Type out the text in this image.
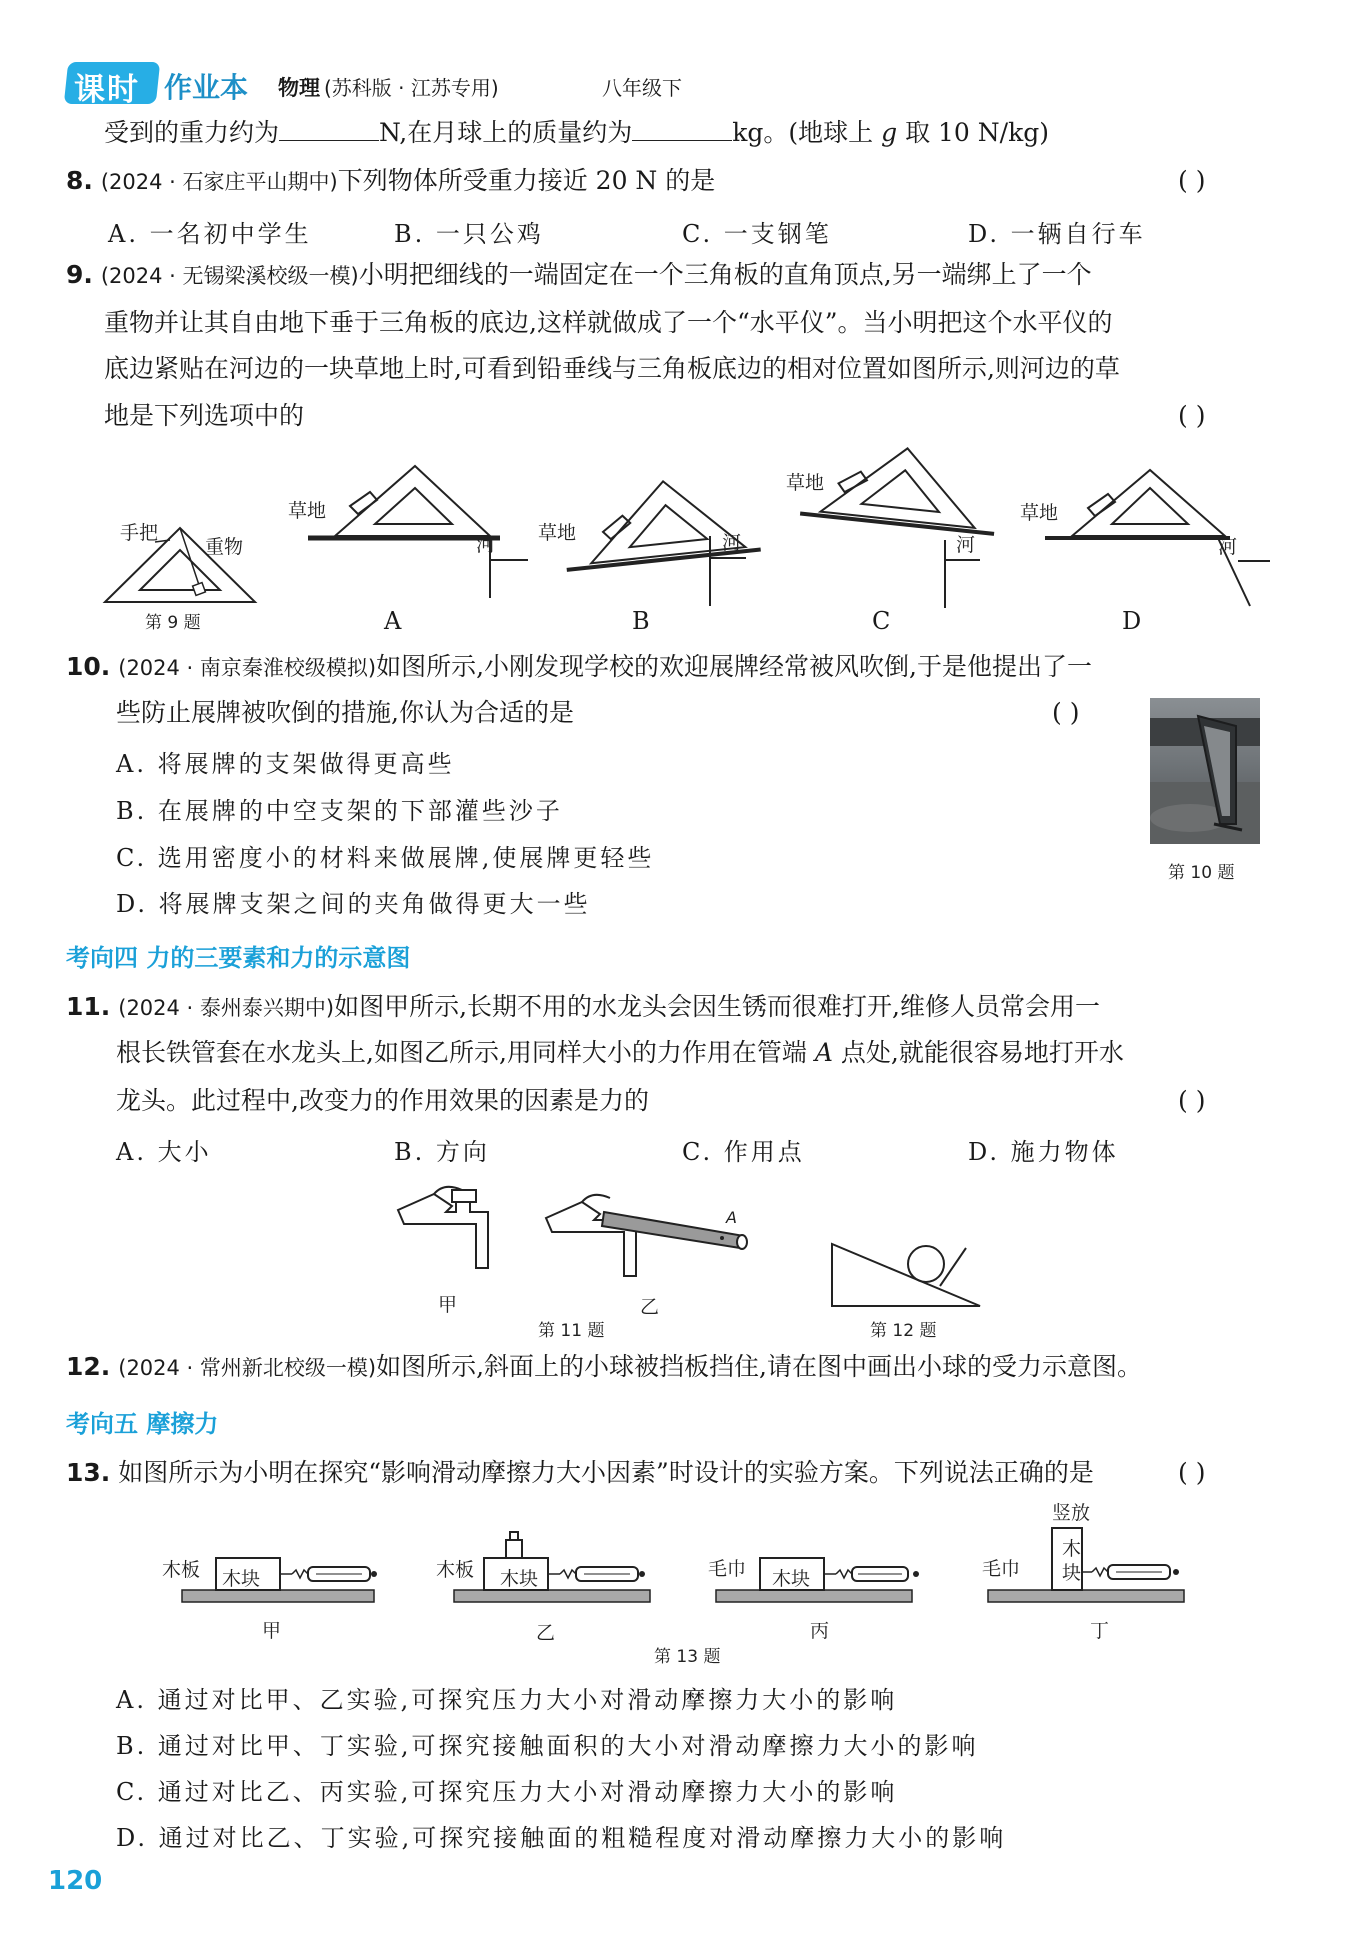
课时 作业本 物理 (苏科版 · 江苏专用)	八年级下
受到的重力约为	N,在月球上的质量约为	kg。(地球上 g 取 10 N/kg)
8. (2024 · 石家庄平山期中)下列物体所受重力接近 20 N 的是	( )
A. 一名初中学生	B. 一只公鸡	C. 一支钢笔	D. 一辆自行车
9. (2024 · 无锡梁溪校级一模)小明把细线的一端固定在一个三角板的直角顶点,另一端绑上了一个
重物并让其自由地下垂于三角板的底边,这样就做成了一个“水平仪”。当小明把这个水平仪的
底边紧贴在河边的一块草地上时,可看到铅垂线与三角板底边的相对位置如图所示,则河边的草
地是下列选项中的	( )
手把
重物
第 9 题
草地
河
A
草地	河
B
草地
河
C
草地
河
D
10. (2024 · 南京秦淮校级模拟)如图所示,小刚发现学校的欢迎展牌经常被风吹倒,于是他提出了一
些防止展牌被吹倒的措施,你认为合适的是	( )
A. 将展牌的支架做得更高些
B. 在展牌的中空支架的下部灌些沙子
C. 选用密度小的材料来做展牌,使展牌更轻些
D. 将展牌支架之间的夹角做得更大一些
第 10 题
考向四 力的三要素和力的示意图
11. (2024 · 泰州泰兴期中)如图甲所示,长期不用的水龙头会因生锈而很难打开,维修人员常会用一
根长铁管套在水龙头上,如图乙所示,用同样大小的力作用在管端 A 点处,就能很容易地打开水
龙头。此过程中,改变力的作用效果的因素是力的	( )
A. 大小	B. 方向	C. 作用点	D. 施力物体
甲
A
乙
第 11 题	第 12 题
12. (2024 · 常州新北校级一模)如图所示,斜面上的小球被挡板挡住,请在图中画出小球的受力示意图。
考向五 摩擦力
13. 如图所示为小明在探究“影响滑动摩擦力大小因素”时设计的实验方案。下列说法正确的是	( )
木板 木块
甲
木板 木块
乙
毛巾 木块
丙
竖放
木
块
毛巾
丁
第 13 题
A. 通过对比甲、乙实验,可探究压力大小对滑动摩擦力大小的影响
B. 通过对比甲、丁实验,可探究接触面积的大小对滑动摩擦力大小的影响
C. 通过对比乙、丙实验,可探究压力大小对滑动摩擦力大小的影响
D. 通过对比乙、丁实验,可探究接触面的粗糙程度对滑动摩擦力大小的影响
120
